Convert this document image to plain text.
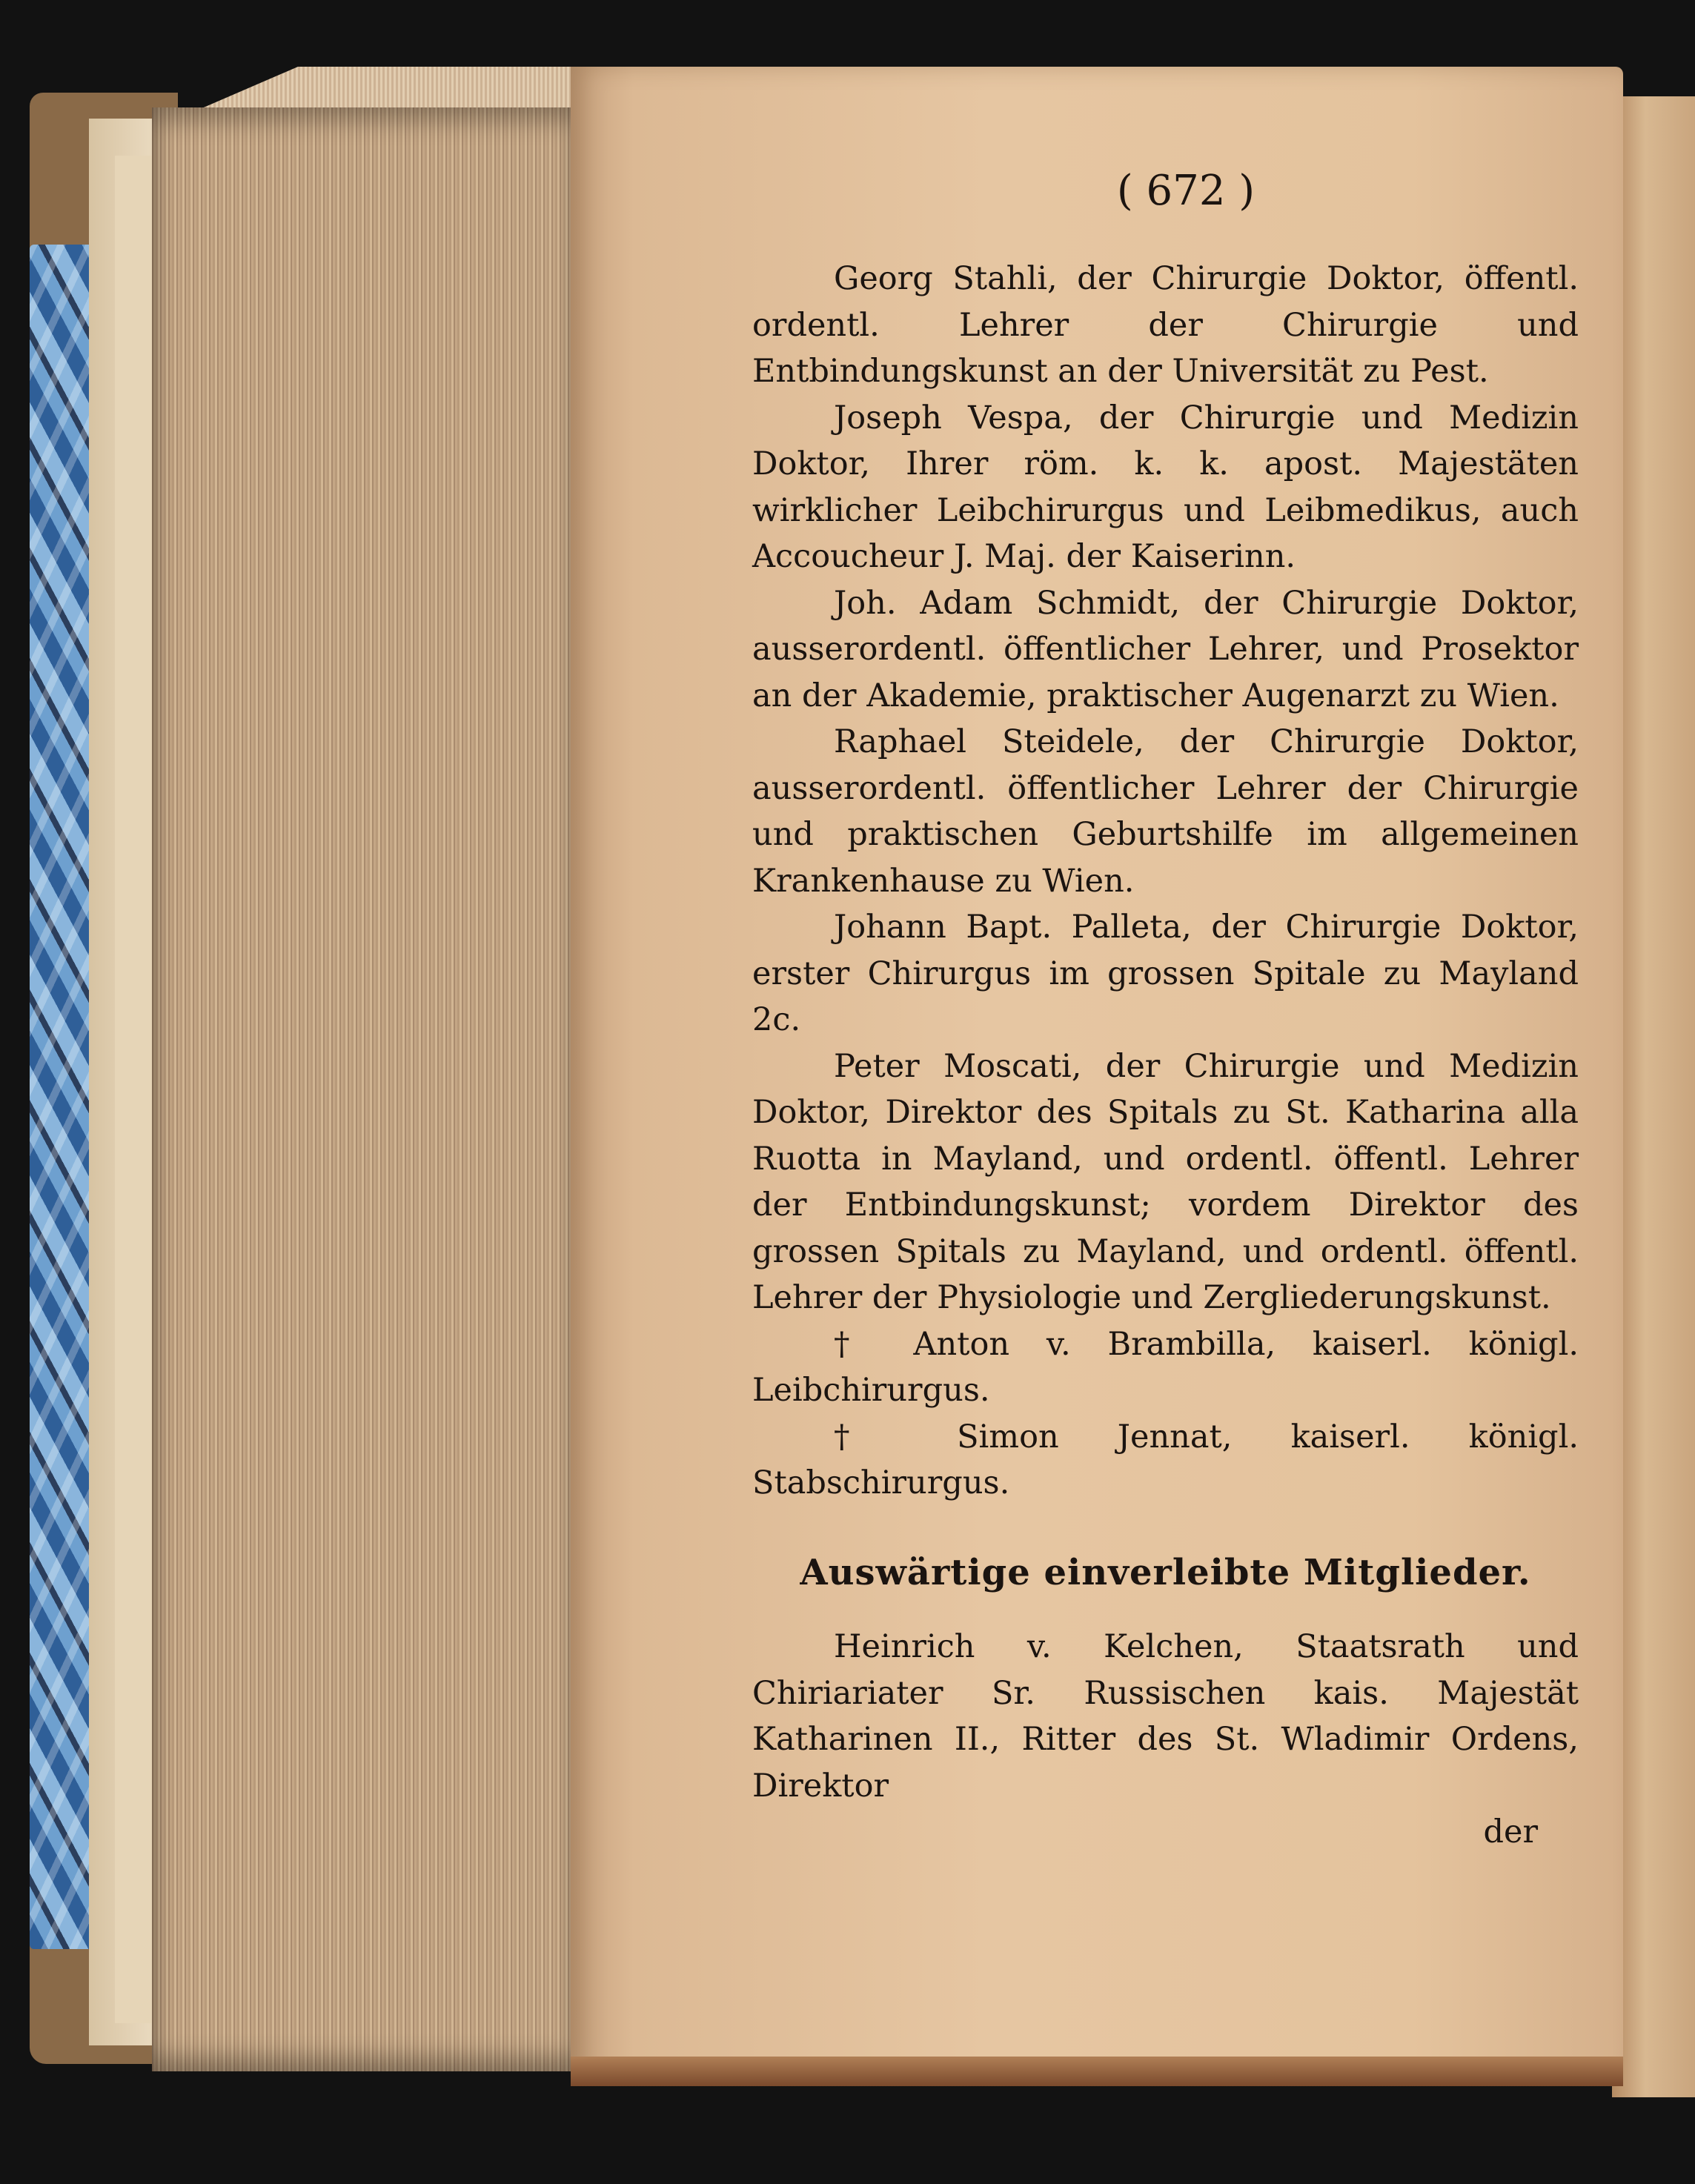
( 672 )

Georg Stahli, der Chirurgie Doktor, öffentl. ordentl. Lehrer der Chirurgie und Entbindungskunst an der Universität zu Pest.

Joseph Vespa, der Chirurgie und Medizin Doktor, Ihrer röm. k. k. apost. Majestäten wirklicher Leibchirurgus und Leibmedikus, auch Accoucheur J. Maj. der Kaiserinn.

Joh. Adam Schmidt, der Chirurgie Doktor, ausserordentl. öffentlicher Lehrer, und Prosektor an der Akademie, praktischer Augenarzt zu Wien.

Raphael Steidele, der Chirurgie Doktor, ausserordentl. öffentlicher Lehrer der Chirurgie und praktischen Geburtshilfe im allgemeinen Krankenhause zu Wien.

Johann Bapt. Palleta, der Chirurgie Doktor, erster Chirurgus im grossen Spitale zu Mayland 2c.

Peter Moscati, der Chirurgie und Medizin Doktor, Direktor des Spitals zu St. Katharina alla Ruotta in Mayland, und ordentl. öffentl. Lehrer der Entbindungskunst; vordem Direktor des grossen Spitals zu Mayland, und ordentl. öffentl. Lehrer der Physiologie und Zergliederungskunst.

† Anton v. Brambilla, kaiserl. königl. Leibchirurgus.

† Simon Jennat, kaiserl. königl. Stabschirurgus.

Auswärtige einverleibte Mitglieder.

Heinrich v. Kelchen, Staatsrath und Chiriariater Sr. Russischen kais. Majestät Katharinen II., Ritter des St. Wladimir Ordens, Direktor

der
